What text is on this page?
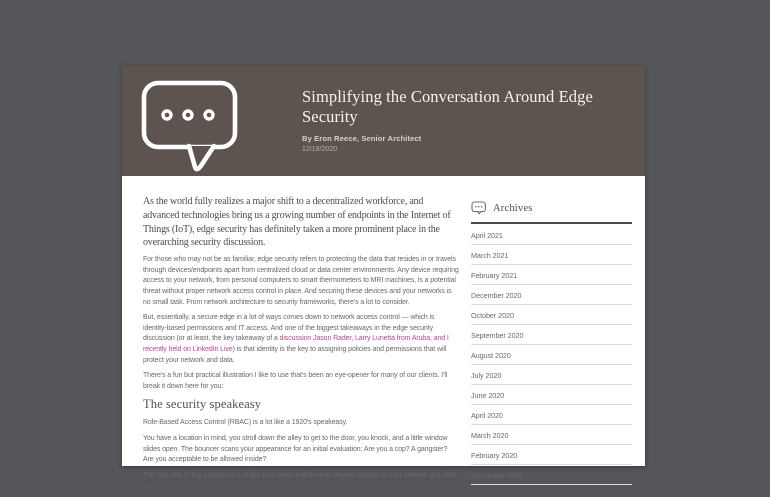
Simplifying the Conversation Around Edge Security
By Eron Reece, Senior Architect
12/18/2020

As the world fully realizes a major shift to a decentralized workforce, and advanced technologies bring us a growing number of endpoints in the Internet of Things (IoT), edge security has definitely taken a more prominent place in the overarching security discussion.

For those who may not be as familiar, edge security refers to protecting the data that resides in or travels through devices/endpoints apart from centralized cloud or data center environments. Any device requiring access to your network, from personal computers to smart thermometers to MRI machines, is a potential threat without proper network access control in place. And securing these devices and your networks is no small task. From network architecture to security frameworks, there's a lot to consider.

But, essentially, a secure edge in a lot of ways comes down to network access control — which is identity-based permissions and IT access. And one of the biggest takeaways in the edge security discussion (or at least, the key takeaway of a discussion Jason Rader, Larry Lunetta from Aruba, and I recently held on LinkedIn Live) is that identity is the key to assigning policies and permissions that will protect your network and data.

There's a fun but practical illustration I like to use that's been an eye-opener for many of our clients. I'll break it down here for you:

The security speakeasy

Role-Based Access Control (RBAC) is a lot like a 1920's speakeasy.

You have a location in mind, you stroll down the alley to get to the door, you knock, and a little window slides open. The bouncer scans your appearance for an initial evaluation: Are you a cop? A gangster? Are you acceptable to be allowed inside?

The first step of this process is a lot like how users and devices request access to your network and data ...

Archives
April 2021
March 2021
February 2021
December 2020
October 2020
September 2020
August 2020
July 2020
June 2020
April 2020
March 2020
February 2020
December 2019
